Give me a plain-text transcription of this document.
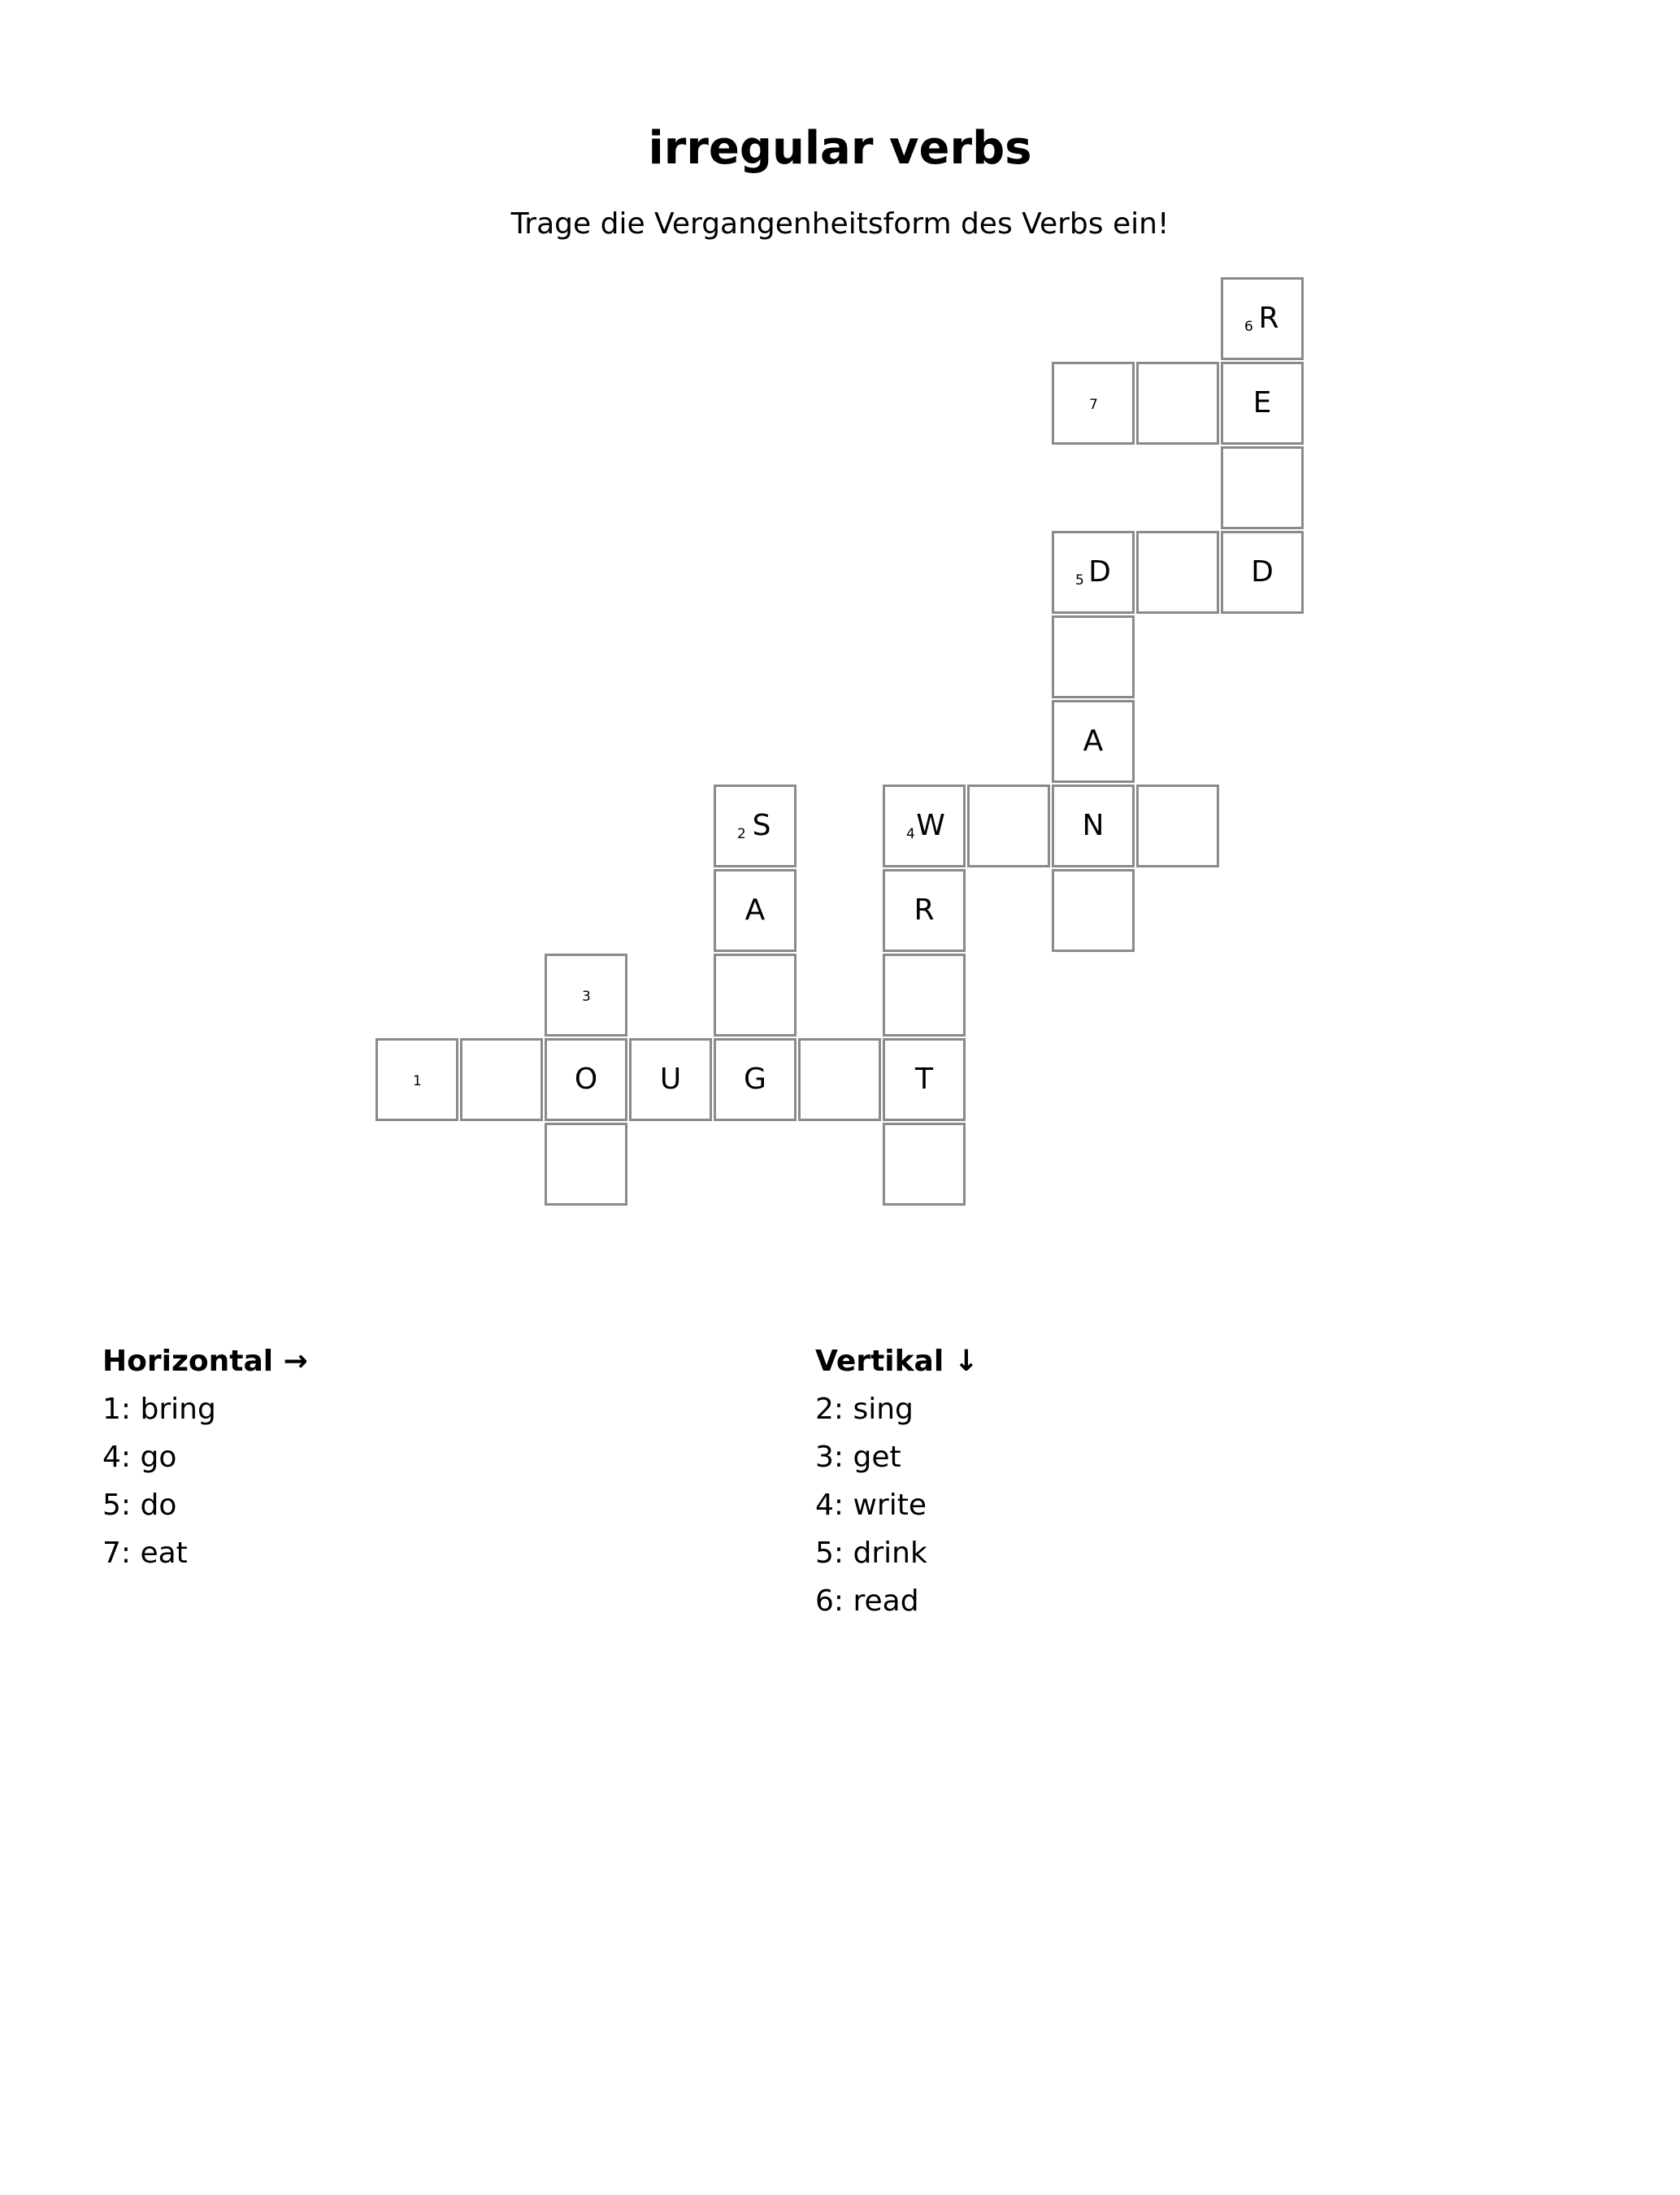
irregular verbs
Trage die Vergangenheitsform des Verbs ein!
6 R
7	E
5 D	D
A
2 S	4 W	N
A	R
3
1	O	U	G	T
Horizontal →
1: bring
4: go
5: do
7: eat
Vertikal ↓
2: sing
3: get
4: write
5: drink
6: read
